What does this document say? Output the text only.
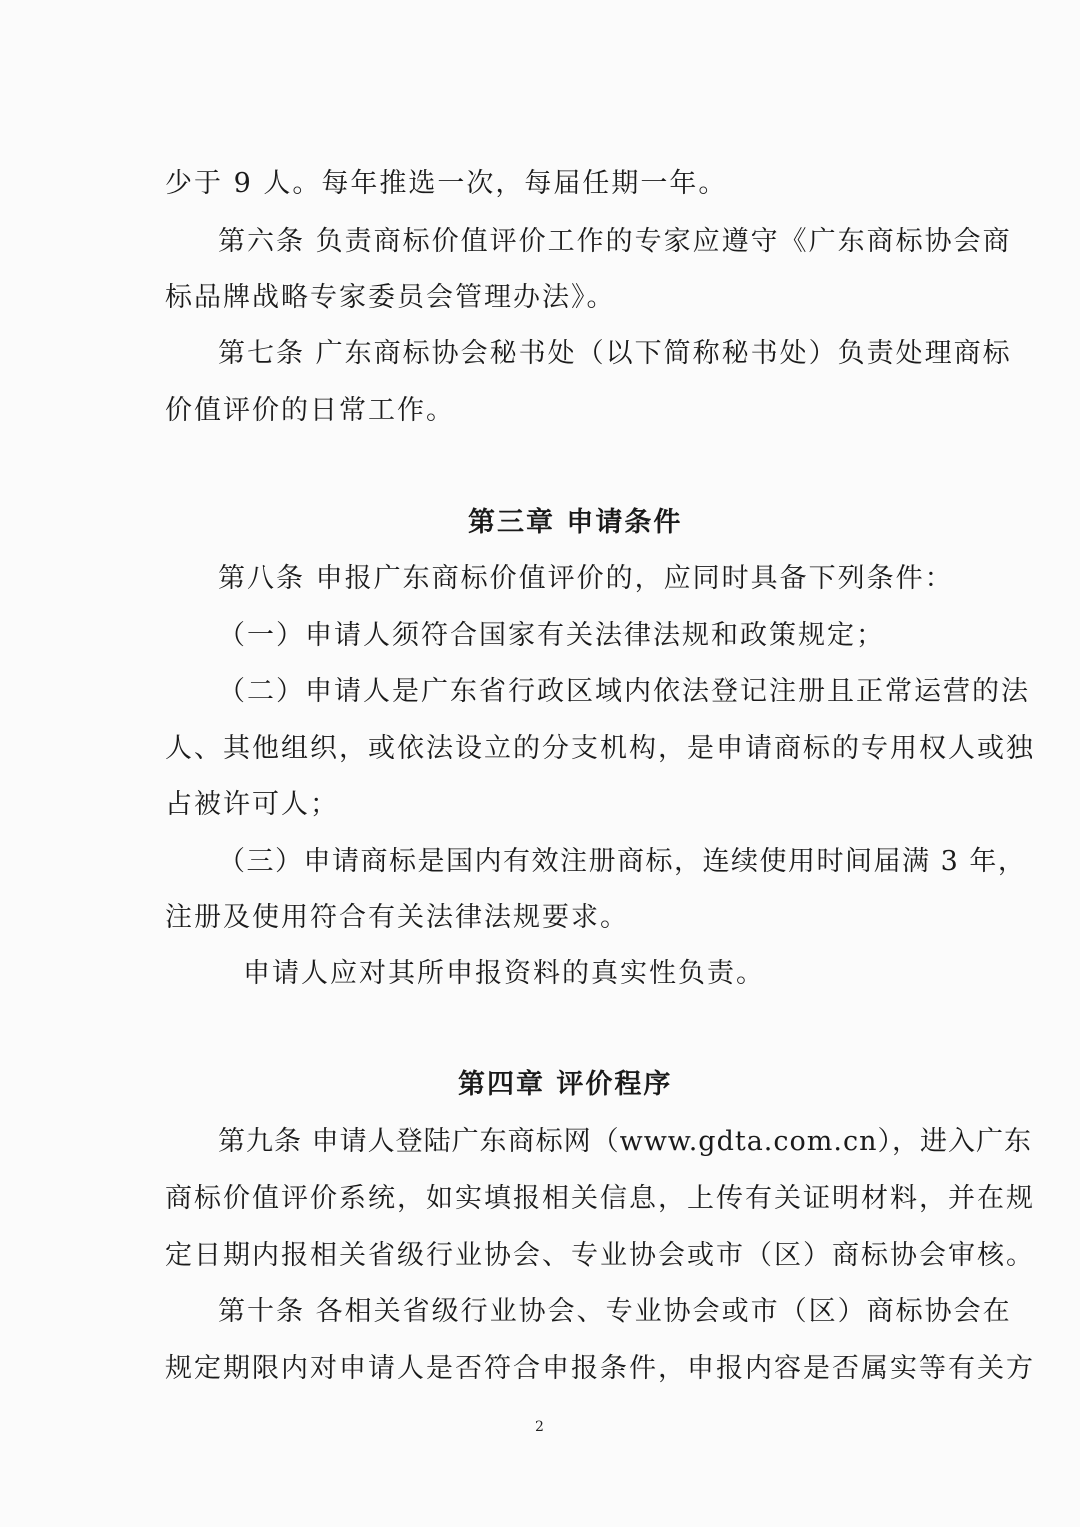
少于 9 人。每年推选一次，每届任期一年。
第六条 负责商标价值评价工作的专家应遵守《广东商标协会商
标品牌战略专家委员会管理办法》。
第七条 广东商标协会秘书处（以下简称秘书处）负责处理商标
价值评价的日常工作。
第三章 申请条件
第八条 申报广东商标价值评价的，应同时具备下列条件：
（一）申请人须符合国家有关法律法规和政策规定；
（二）申请人是广东省行政区域内依法登记注册且正常运营的法
人、其他组织，或依法设立的分支机构，是申请商标的专用权人或独
占被许可人；
（三）申请商标是国内有效注册商标，连续使用时间届满 3 年，
注册及使用符合有关法律法规要求。
申请人应对其所申报资料的真实性负责。
第四章 评价程序
第九条 申请人登陆广东商标网（www.gdta.com.cn），进入广东
商标价值评价系统，如实填报相关信息，上传有关证明材料，并在规
定日期内报相关省级行业协会、专业协会或市（区）商标协会审核。
第十条 各相关省级行业协会、专业协会或市（区）商标协会在
规定期限内对申请人是否符合申报条件，申报内容是否属实等有关方
2
